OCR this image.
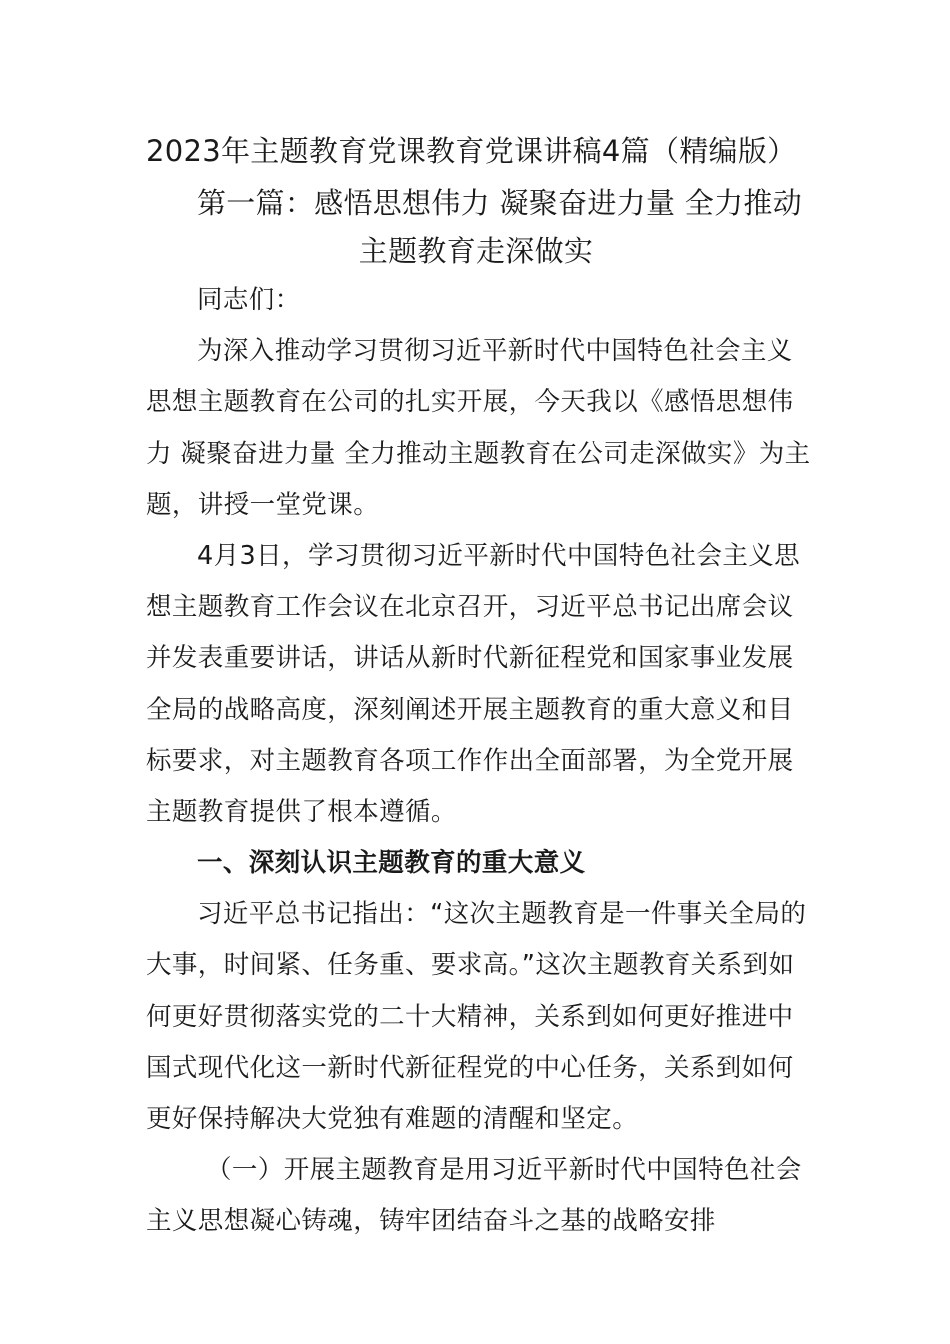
2023年主题教育党课教育党课讲稿4篇（精编版）
第一篇：感悟思想伟力 凝聚奋进力量 全力推动
主题教育走深做实
同志们：
为深入推动学习贯彻习近平新时代中国特色社会主义
思想主题教育在公司的扎实开展，今天我以《感悟思想伟
力 凝聚奋进力量 全力推动主题教育在公司走深做实》为主
题，讲授一堂党课。
4月3日，学习贯彻习近平新时代中国特色社会主义思
想主题教育工作会议在北京召开，习近平总书记出席会议
并发表重要讲话，讲话从新时代新征程党和国家事业发展
全局的战略高度，深刻阐述开展主题教育的重大意义和目
标要求，对主题教育各项工作作出全面部署，为全党开展
主题教育提供了根本遵循。
一、深刻认识主题教育的重大意义
习近平总书记指出：“这次主题教育是一件事关全局的
大事，时间紧、任务重、要求高。”这次主题教育关系到如
何更好贯彻落实党的二十大精神，关系到如何更好推进中
国式现代化这一新时代新征程党的中心任务，关系到如何
更好保持解决大党独有难题的清醒和坚定。
（一）开展主题教育是用习近平新时代中国特色社会
主义思想凝心铸魂，铸牢团结奋斗之基的战略安排
